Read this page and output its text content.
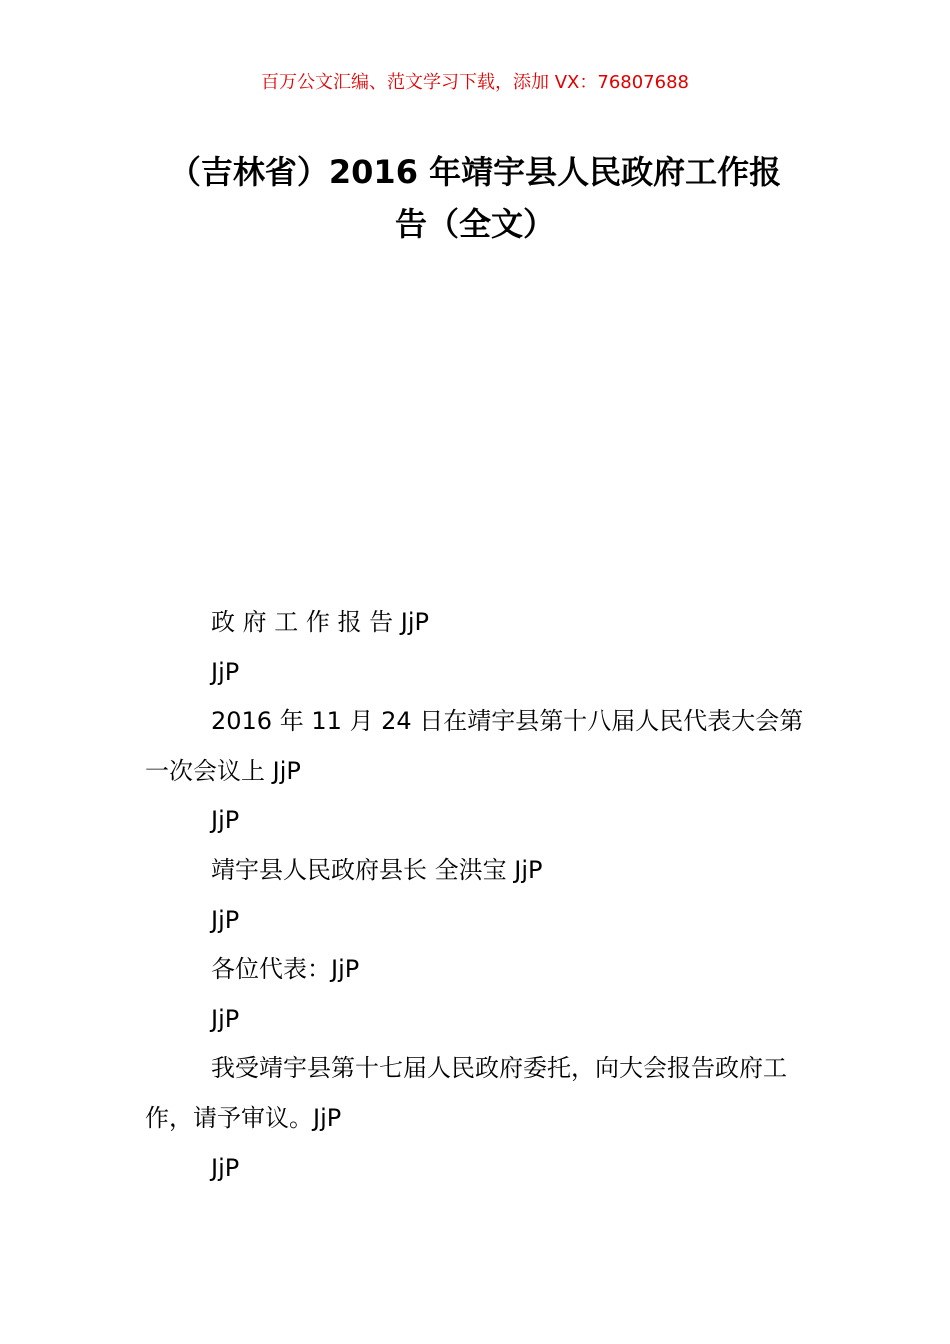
百万公文汇编、范文学习下载，添加 VX：76807688
（吉林省）2016 年靖宇县人民政府工作报
告（全文）

政 府 工 作 报 告 JjP

JjP

2016 年 11 月 24 日在靖宇县第十八届人民代表大会第一次会议上 JjP

JjP

靖宇县人民政府县长 全洪宝 JjP

JjP

各位代表：JjP

JjP

我受靖宇县第十七届人民政府委托，向大会报告政府工作，请予审议。JjP

JjP
